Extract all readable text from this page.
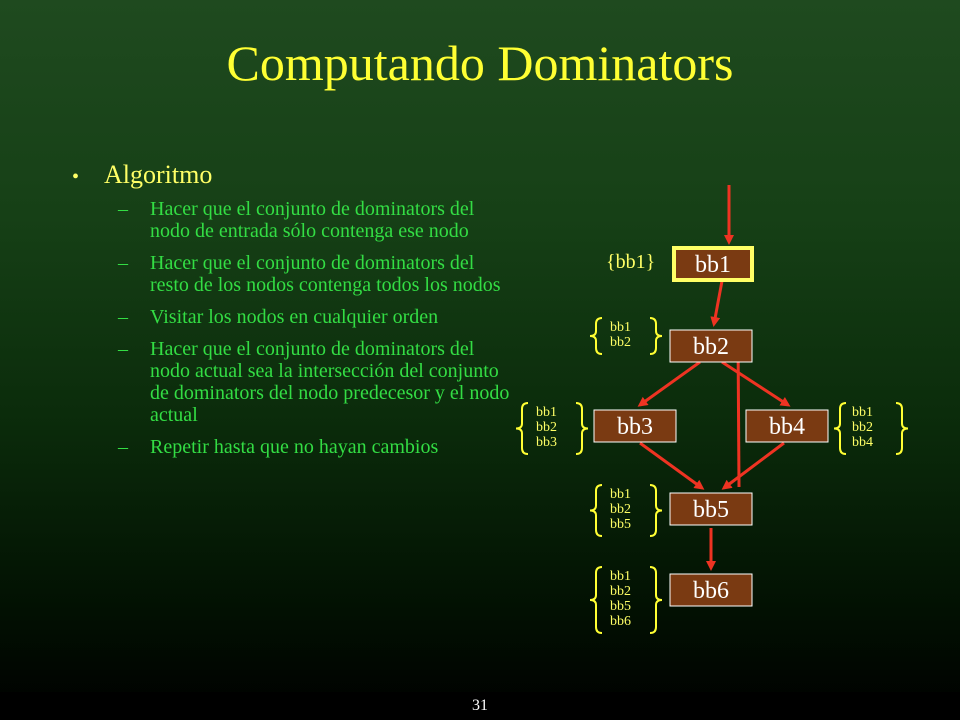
Computando Dominators
• Algoritmo
– Hacer que el conjunto de dominators del nodo de entrada sólo contenga ese nodo
– Hacer que el conjunto de dominators del resto de los nodos contenga todos los nodos
– Visitar los nodos en cualquier orden
– Hacer que el conjunto de dominators del nodo actual sea la intersección del conjunto de dominators del nodo predecesor y el nodo actual
– Repetir hasta que no hayan cambios
bb1
bb2
bb3	bb4
bb5
bb6
{bb1}
bb1
bb2
bb1
bb2
bb3
bb1
bb2
bb4
bb1
bb2
bb5
bb1
bb2
bb5
bb6
31
